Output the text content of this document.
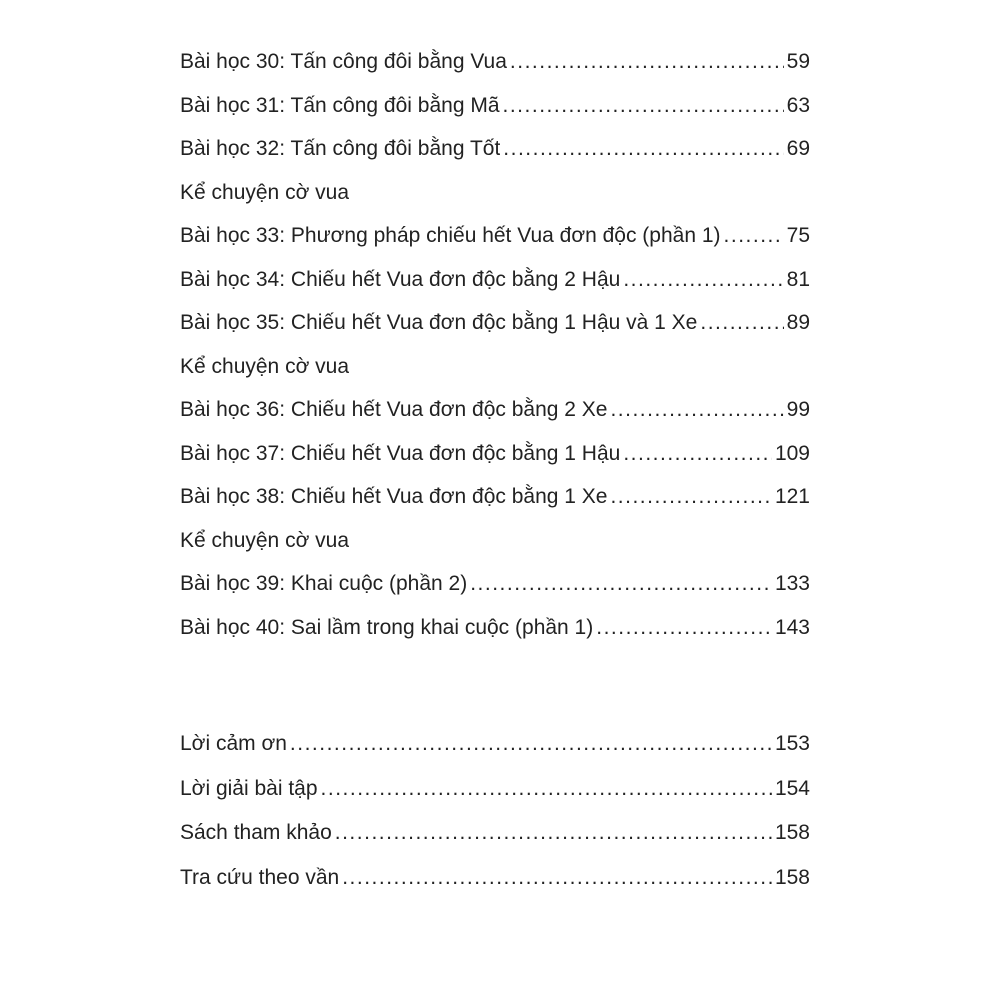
Bài học 30: Tấn công đôi bằng Vua .....	59
Bài học 31: Tấn công đôi bằng Mã .....	63
Bài học 32: Tấn công đôi bằng Tốt .....	69
Kể chuyện cờ vua
Bài học 33: Phương pháp chiếu hết Vua đơn độc (phần 1) .....	75
Bài học 34: Chiếu hết Vua đơn độc bằng 2 Hậu .....	81
Bài học 35: Chiếu hết Vua đơn độc bằng 1 Hậu và 1 Xe .....	89
Kể chuyện cờ vua
Bài học 36: Chiếu hết Vua đơn độc bằng 2 Xe .....	99
Bài học 37: Chiếu hết Vua đơn độc bằng 1 Hậu .....	109
Bài học 38: Chiếu hết Vua đơn độc bằng 1 Xe .....	121
Kể chuyện cờ vua
Bài học 39: Khai cuộc (phần 2) .....	133
Bài học 40: Sai lầm trong khai cuộc (phần 1) .....	143
Lời cảm ơn .....	153
Lời giải bài tập .....	154
Sách tham khảo .....	158
Tra cứu theo vần .....	158
